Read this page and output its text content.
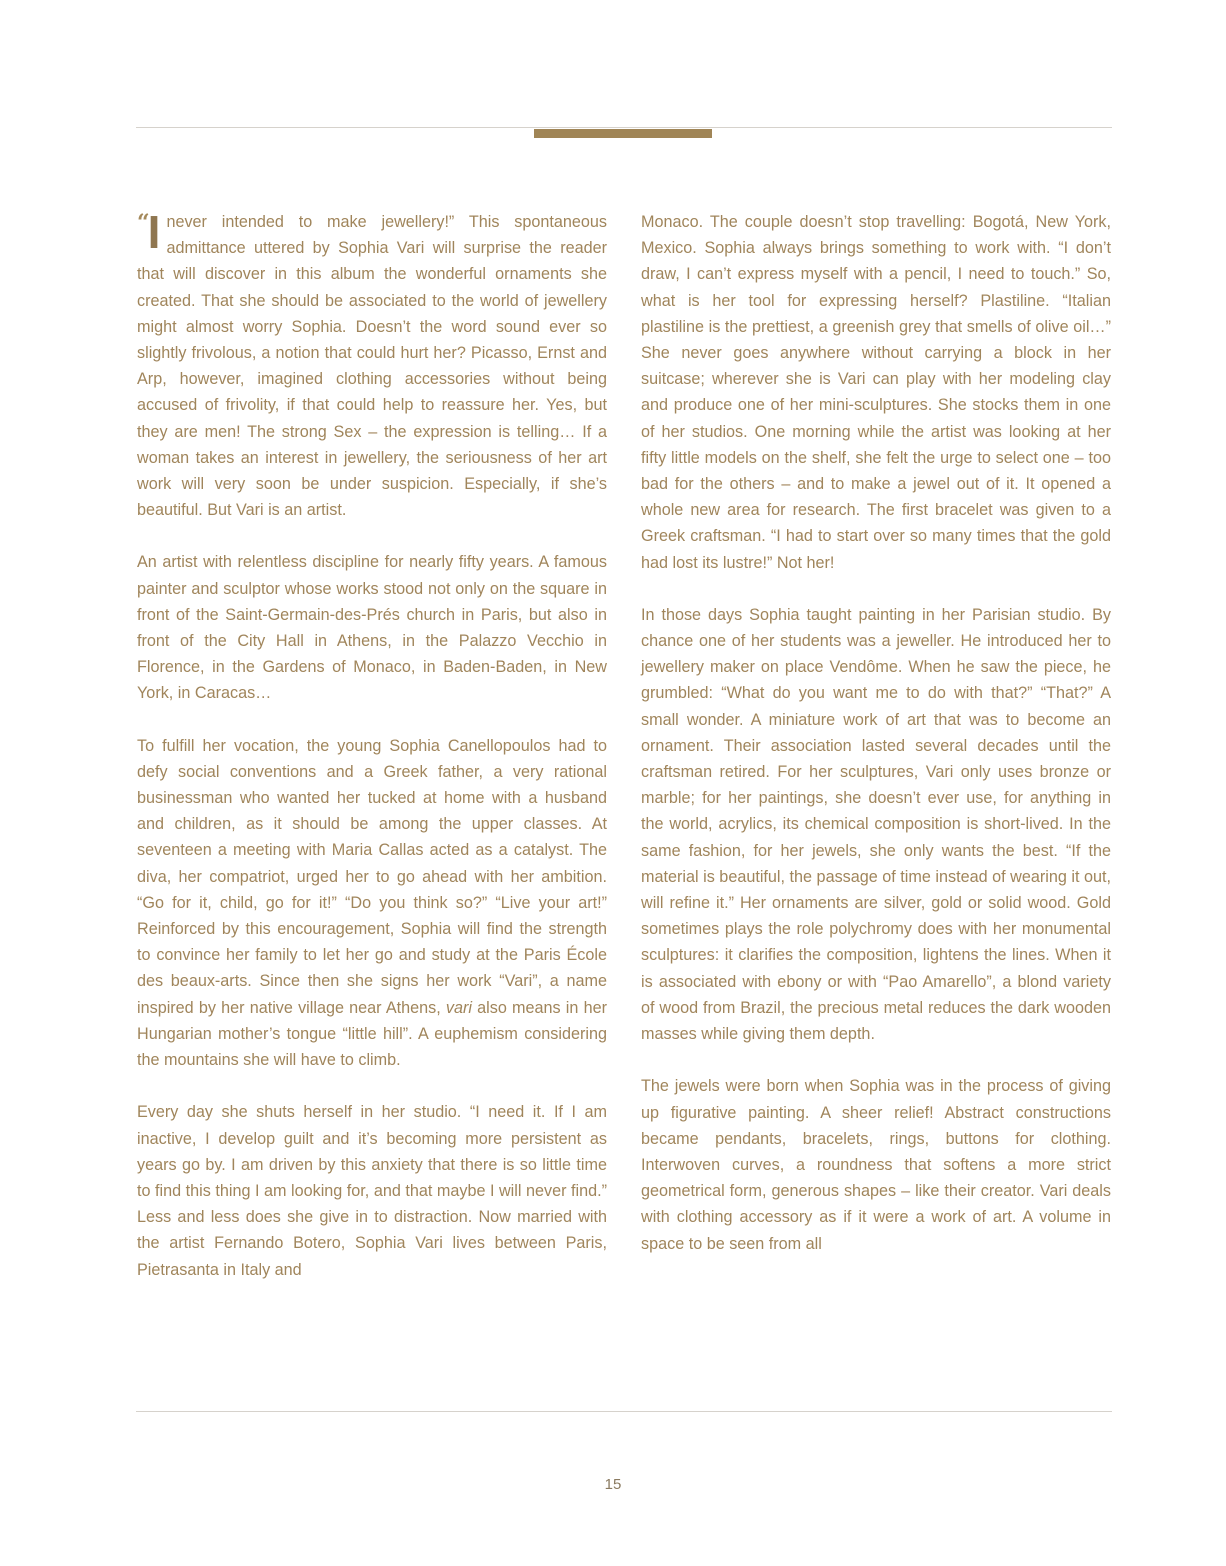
“I never intended to make jewellery!” This spontaneous admittance uttered by Sophia Vari will surprise the reader that will discover in this album the wonderful ornaments she created. That she should be associated to the world of jewellery might almost worry Sophia. Doesn’t the word sound ever so slightly frivolous, a notion that could hurt her? Picasso, Ernst and Arp, however, imagined clothing accessories without being accused of frivolity, if that could help to reassure her. Yes, but they are men! The strong Sex – the expression is telling… If a woman takes an interest in jewellery, the seriousness of her art work will very soon be under suspicion. Especially, if she’s beautiful. But Vari is an artist.

An artist with relentless discipline for nearly fifty years. A famous painter and sculptor whose works stood not only on the square in front of the Saint-Germain-des-Prés church in Paris, but also in front of the City Hall in Athens, in the Palazzo Vecchio in Florence, in the Gardens of Monaco, in Baden-Baden, in New York, in Caracas…

To fulfill her vocation, the young Sophia Canellopoulos had to defy social conventions and a Greek father, a very rational businessman who wanted her tucked at home with a husband and children, as it should be among the upper classes. At seventeen a meeting with Maria Callas acted as a catalyst. The diva, her compatriot, urged her to go ahead with her ambition. “Go for it, child, go for it!” “Do you think so?” “Live your art!” Reinforced by this encouragement, Sophia will find the strength to convince her family to let her go and study at the Paris École des beaux-arts. Since then she signs her work “Vari”, a name inspired by her native village near Athens, vari also means in her Hungarian mother’s tongue “little hill”. A euphemism considering the mountains she will have to climb.

Every day she shuts herself in her studio. “I need it. If I am inactive, I develop guilt and it’s becoming more persistent as years go by. I am driven by this anxiety that there is so little time to find this thing I am looking for, and that maybe I will never find.” Less and less does she give in to distraction. Now married with the artist Fernando Botero, Sophia Vari lives between Paris, Pietrasanta in Italy and

Monaco. The couple doesn’t stop travelling: Bogotá, New York, Mexico. Sophia always brings something to work with. “I don’t draw, I can’t express myself with a pencil, I need to touch.” So, what is her tool for expressing herself? Plastiline. “Italian plastiline is the prettiest, a greenish grey that smells of olive oil…” She never goes anywhere without carrying a block in her suitcase; wherever she is Vari can play with her modeling clay and produce one of her mini-sculptures. She stocks them in one of her studios. One morning while the artist was looking at her fifty little models on the shelf, she felt the urge to select one – too bad for the others – and to make a jewel out of it. It opened a whole new area for research. The first bracelet was given to a Greek craftsman. “I had to start over so many times that the gold had lost its lustre!” Not her!

In those days Sophia taught painting in her Parisian studio. By chance one of her students was a jeweller. He introduced her to jewellery maker on place Vendôme. When he saw the piece, he grumbled: “What do you want me to do with that?” “That?” A small wonder. A miniature work of art that was to become an ornament. Their association lasted several decades until the craftsman retired. For her sculptures, Vari only uses bronze or marble; for her paintings, she doesn’t ever use, for anything in the world, acrylics, its chemical composition is short-lived. In the same fashion, for her jewels, she only wants the best. “If the material is beautiful, the passage of time instead of wearing it out, will refine it.” Her ornaments are silver, gold or solid wood. Gold sometimes plays the role polychromy does with her monumental sculptures: it clarifies the composition, lightens the lines. When it is associated with ebony or with “Pao Amarello”, a blond variety of wood from Brazil, the precious metal reduces the dark wooden masses while giving them depth.

The jewels were born when Sophia was in the process of giving up figurative painting. A sheer relief! Abstract constructions became pendants, bracelets, rings, buttons for clothing. Interwoven curves, a roundness that softens a more strict geometrical form, generous shapes – like their creator. Vari deals with clothing accessory as if it were a work of art. A volume in space to be seen from all

15
